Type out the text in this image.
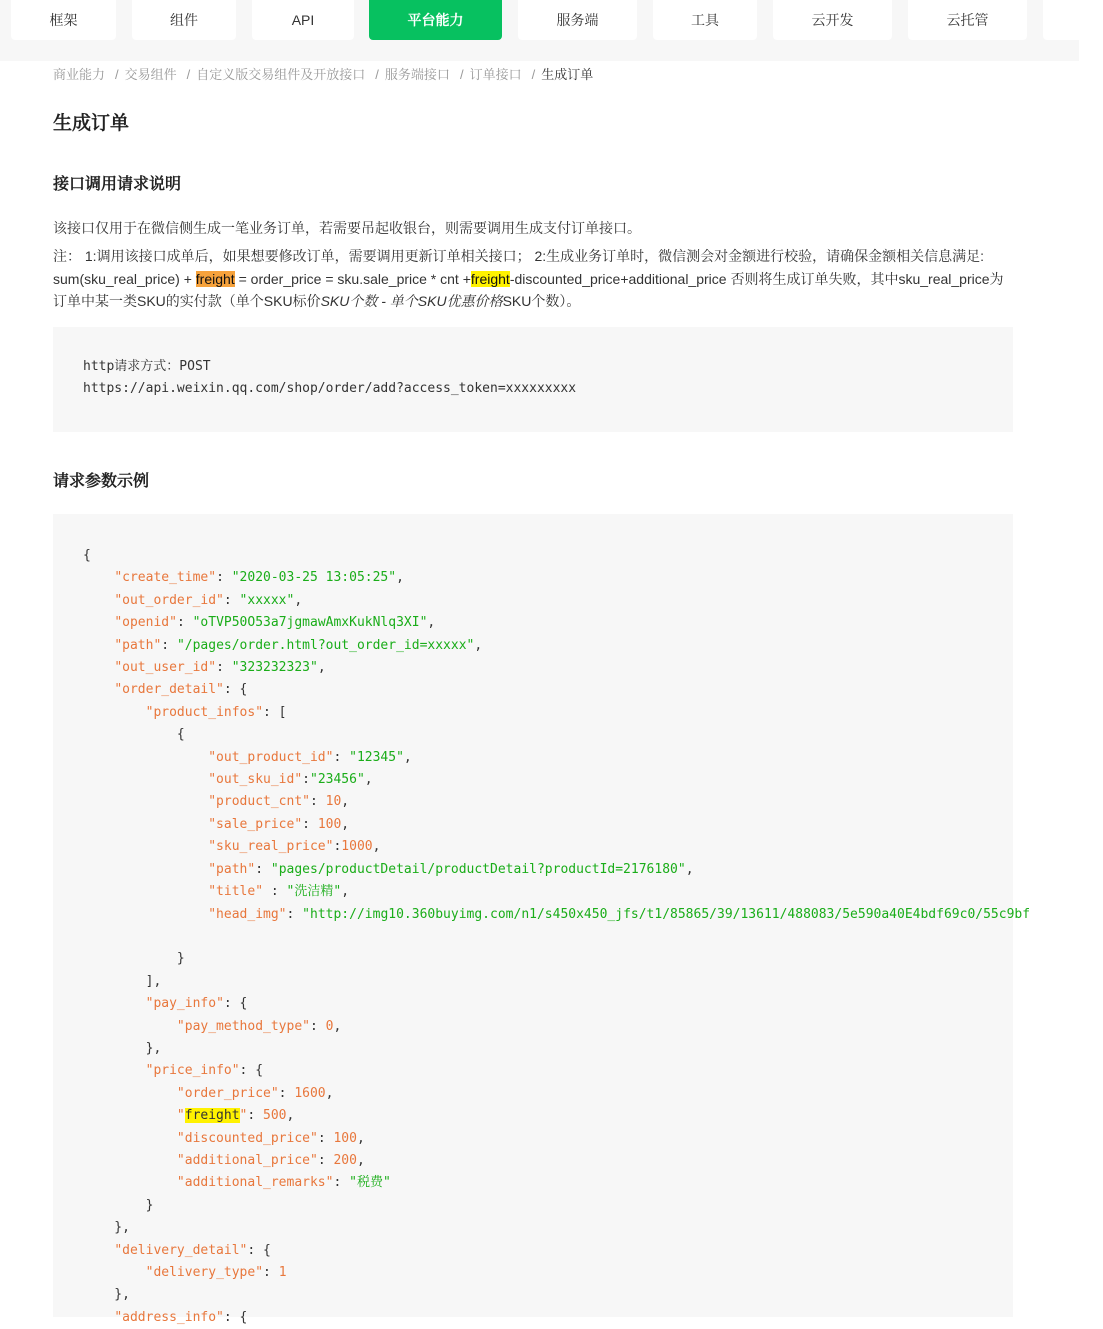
框架	组件	API	平台能力	服务端	工具	云开发	云托管
商业能力 / 交易组件 / 自定义版交易组件及开放接口 / 服务端接口 / 订单接口 / 生成订单
生成订单
接口调用请求说明
该接口仅用于在微信侧生成一笔业务订单，若需要吊起收银台，则需要调用生成支付订单接口。
注： 1:调用该接口成单后，如果想要修改订单，需要调用更新订单相关接口； 2:生成业务订单时，微信测会对金额进行校验，请确保金额相关信息满足: sum(sku_real_price) + freight = order_price = sku.sale_price * cnt +freight-discounted_price+additional_price 否则将生成订单失败，其中sku_real_price为订单中某一类SKU的实付款（单个SKU标价SKU个数 - 单个SKU优惠价格SKU个数）。
http请求方式：POST
https://api.weixin.qq.com/shop/order/add?access_token=xxxxxxxxx
请求参数示例
{
"create_time": "2020-03-25 13:05:25",
"out_order_id": "xxxxx",
"openid": "oTVP50O53a7jgmawAmxKukNlq3XI",
"path": "/pages/order.html?out_order_id=xxxxx",
"out_user_id": "323232323",
"order_detail": {
"product_infos": [
{
"out_product_id": "12345",
"out_sku_id":"23456",
"product_cnt": 10,
"sale_price": 100,
"sku_real_price":1000,
"path": "pages/productDetail/productDetail?productId=2176180",
"title" : "洗洁精",
"head_img": "http://img10.360buyimg.com/n1/s450x450_jfs/t1/85865/39/13611/488083/5e590a40E4bdf69c0/55c9bf

}
],
"pay_info": {
"pay_method_type": 0,
},
"price_info": {
"order_price": 1600,
"freight": 500,
"discounted_price": 100,
"additional_price": 200,
"additional_remarks": "税费"
}
},
"delivery_detail": {
"delivery_type": 1
},
"address_info": {
